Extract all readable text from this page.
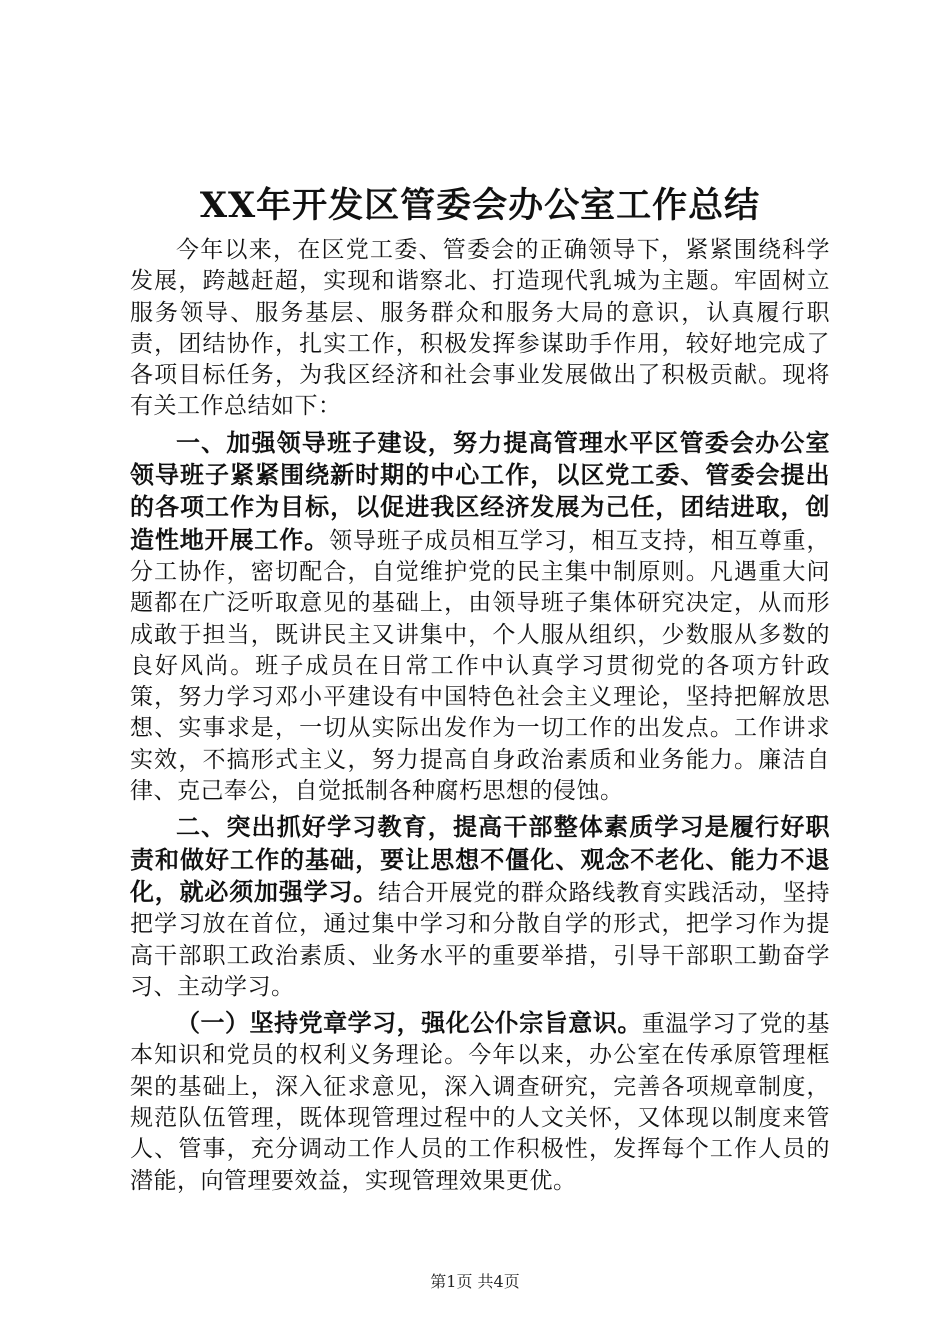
XX年开发区管委会办公室工作总结

今年以来，在区党工委、管委会的正确领导下，紧紧围绕科学发展，跨越赶超，实现和谐察北、打造现代乳城为主题。牢固树立服务领导、服务基层、服务群众和服务大局的意识，认真履行职责，团结协作，扎实工作，积极发挥参谋助手作用，较好地完成了各项目标任务，为我区经济和社会事业发展做出了积极贡献。现将有关工作总结如下：

一、加强领导班子建设，努力提高管理水平区管委会办公室领导班子紧紧围绕新时期的中心工作，以区党工委、管委会提出的各项工作为目标，以促进我区经济发展为己任，团结进取，创造性地开展工作。领导班子成员相互学习，相互支持，相互尊重，分工协作，密切配合，自觉维护党的民主集中制原则。凡遇重大问题都在广泛听取意见的基础上，由领导班子集体研究决定，从而形成敢于担当，既讲民主又讲集中，个人服从组织，少数服从多数的良好风尚。班子成员在日常工作中认真学习贯彻党的各项方针政策，努力学习邓小平建设有中国特色社会主义理论，坚持把解放思想、实事求是，一切从实际出发作为一切工作的出发点。工作讲求实效，不搞形式主义，努力提高自身政治素质和业务能力。廉洁自律、克己奉公，自觉抵制各种腐朽思想的侵蚀。

二、突出抓好学习教育，提高干部整体素质学习是履行好职责和做好工作的基础，要让思想不僵化、观念不老化、能力不退化，就必须加强学习。结合开展党的群众路线教育实践活动，坚持把学习放在首位，通过集中学习和分散自学的形式，把学习作为提高干部职工政治素质、业务水平的重要举措，引导干部职工勤奋学习、主动学习。

（一）坚持党章学习，强化公仆宗旨意识。重温学习了党的基本知识和党员的权利义务理论。今年以来，办公室在传承原管理框架的基础上，深入征求意见，深入调查研究，完善各项规章制度，规范队伍管理，既体现管理过程中的人文关怀，又体现以制度来管人、管事，充分调动工作人员的工作积极性，发挥每个工作人员的潜能，向管理要效益，实现管理效果更优。

第1页 共4页
